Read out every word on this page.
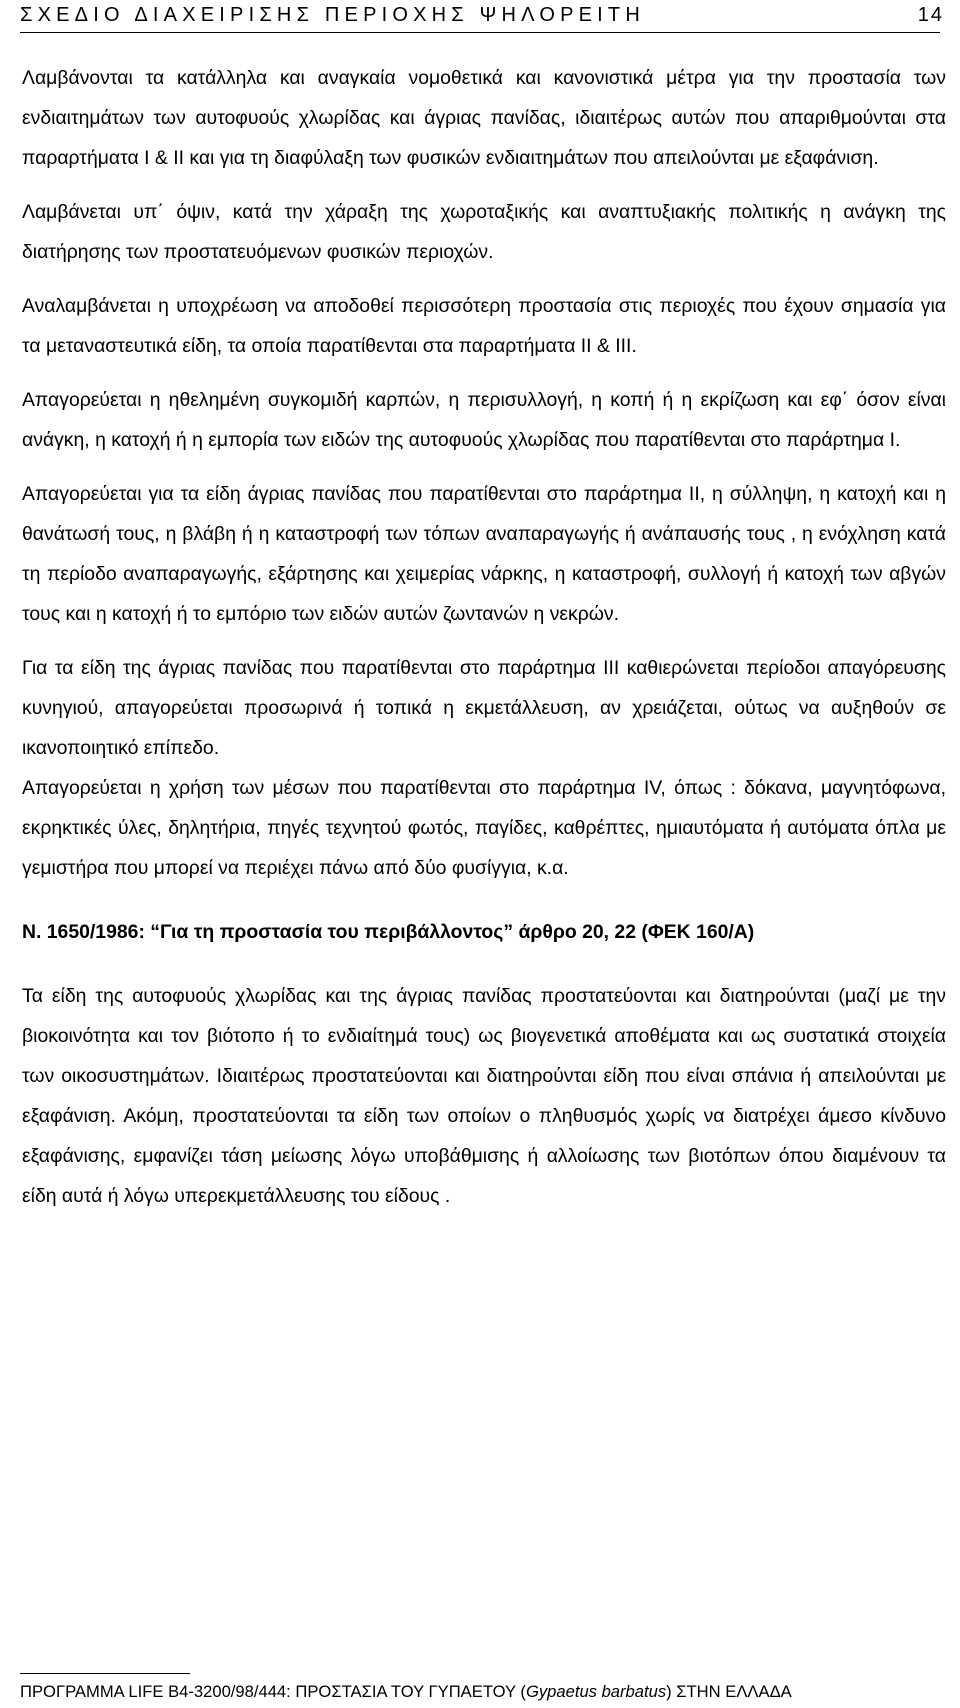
ΣΧΕΔΙΟ ΔΙΑΧΕΙΡΙΣΗΣ ΠΕΡΙΟΧΗΣ ΨΗΛΟΡΕΙΤΗ	14

Λαμβάνονται τα κατάλληλα και αναγκαία νομοθετικά και κανονιστικά μέτρα για την προστασία των ενδιαιτημάτων των αυτοφυούς χλωρίδας και άγριας πανίδας, ιδιαιτέρως αυτών που απαριθμούνται στα παραρτήματα Ι & ΙΙ και για τη διαφύλαξη των φυσικών ενδιαιτημάτων που απειλούνται με εξαφάνιση.

Λαμβάνεται υπ΄ όψιν, κατά την χάραξη της χωροταξικής και αναπτυξιακής πολιτικής η ανάγκη της διατήρησης των προστατευόμενων φυσικών περιοχών.

Αναλαμβάνεται η υποχρέωση να αποδοθεί περισσότερη προστασία στις περιοχές που έχουν σημασία για τα μεταναστευτικά είδη, τα οποία παρατίθενται στα παραρτήματα ΙΙ & ΙΙΙ.

Απαγορεύεται η ηθελημένη συγκομιδή καρπών, η περισυλλογή, η κοπή ή η εκρίζωση και εφ΄ όσον είναι ανάγκη, η κατοχή ή η εμπορία των ειδών της αυτοφυούς χλωρίδας που παρατίθενται στο παράρτημα Ι.

Απαγορεύεται για τα είδη άγριας πανίδας που παρατίθενται στο παράρτημα ΙΙ, η σύλληψη, η κατοχή και η θανάτωσή τους, η βλάβη ή η καταστροφή των τόπων αναπαραγωγής ή ανάπαυσής τους , η ενόχληση κατά τη περίοδο αναπαραγωγής, εξάρτησης και χειμερίας νάρκης, η καταστροφή, συλλογή ή κατοχή των αβγών τους και η κατοχή ή το εμπόριο των ειδών αυτών ζωντανών η νεκρών.

Για τα είδη της άγριας πανίδας που παρατίθενται στο παράρτημα ΙΙΙ καθιερώνεται περίοδοι απαγόρευσης κυνηγιού, απαγορεύεται προσωρινά ή τοπικά η εκμετάλλευση, αν χρειάζεται, ούτως να αυξηθούν σε ικανοποιητικό επίπεδο.

Απαγορεύεται η χρήση των μέσων που παρατίθενται στο παράρτημα ΙV, όπως : δόκανα, μαγνητόφωνα, εκρηκτικές ύλες, δηλητήρια, πηγές τεχνητού φωτός, παγίδες, καθρέπτες, ημιαυτόματα ή αυτόματα όπλα με γεμιστήρα που μπορεί να περιέχει πάνω από δύο φυσίγγια, κ.α.

Ν. 1650/1986: “Για τη προστασία του περιβάλλοντος” άρθρο 20, 22 (ΦΕΚ 160/Α)

Τα είδη της αυτοφυούς χλωρίδας και της άγριας πανίδας προστατεύονται και διατηρούνται (μαζί με την βιοκοινότητα και τον βιότοπο ή το ενδιαίτημά τους) ως βιογενετικά αποθέματα και ως συστατικά στοιχεία των οικοσυστημάτων. Ιδιαιτέρως προστατεύονται και διατηρούνται είδη που είναι σπάνια ή απειλούνται με εξαφάνιση. Ακόμη, προστατεύονται τα είδη των οποίων ο πληθυσμός χωρίς να διατρέχει άμεσο κίνδυνο εξαφάνισης, εμφανίζει τάση μείωσης λόγω υποβάθμισης ή αλλοίωσης των βιοτόπων όπου διαμένουν τα είδη αυτά ή λόγω υπερεκμετάλλευσης του είδους .

ΠΡΟΓΡΑΜΜΑ LIFE B4-3200/98/444: ΠΡΟΣΤΑΣΙΑ ΤΟΥ ΓΥΠΑΕΤΟΥ (Gypaetus barbatus) ΣΤΗΝ ΕΛΛΑΔΑ
